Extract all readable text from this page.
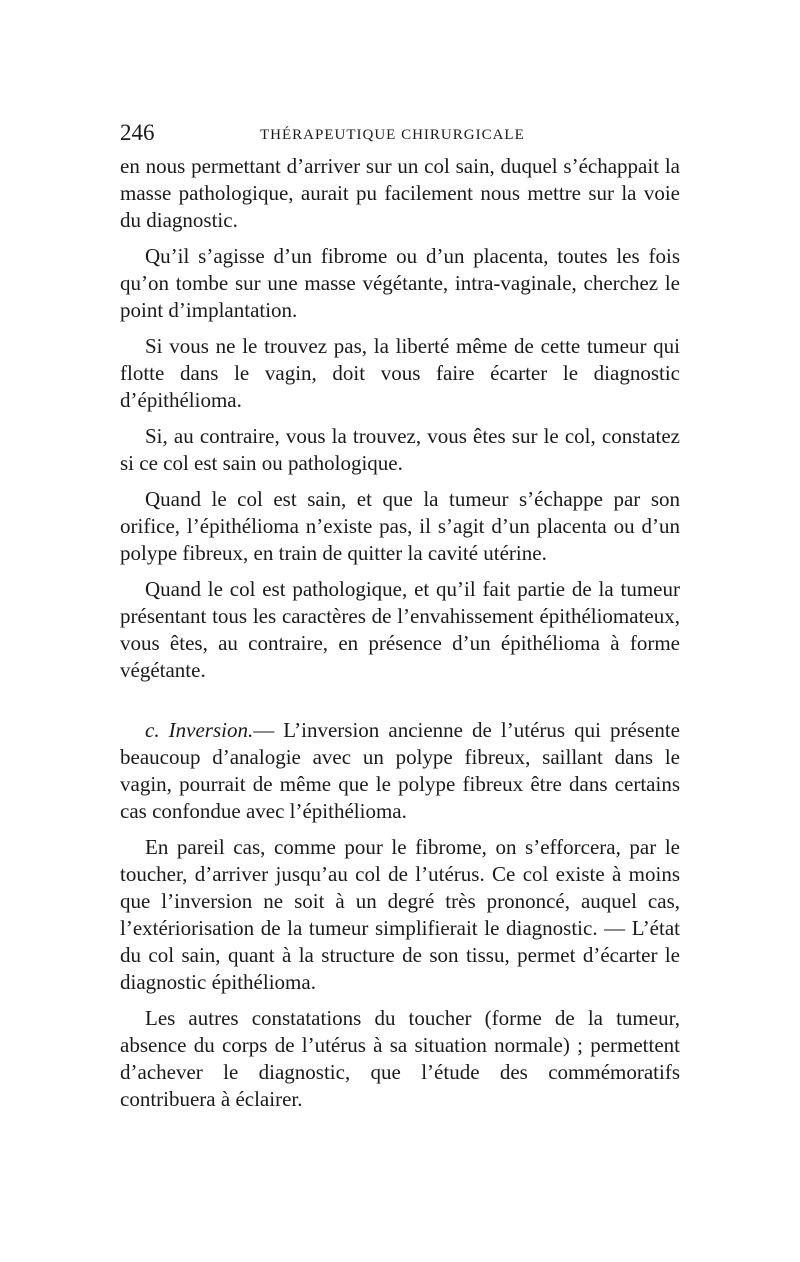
246	THÉRAPEUTIQUE CHIRURGICALE

en nous permettant d’arriver sur un col sain, duquel s’échappait la masse pathologique, aurait pu facilement nous mettre sur la voie du diagnostic.

Qu’il s’agisse d’un fibrome ou d’un placenta, toutes les fois qu’on tombe sur une masse végétante, intra-vaginale, cherchez le point d’implantation.

Si vous ne le trouvez pas, la liberté même de cette tumeur qui flotte dans le vagin, doit vous faire écarter le diagnostic d’épithélioma.

Si, au contraire, vous la trouvez, vous êtes sur le col, constatez si ce col est sain ou pathologique.

Quand le col est sain, et que la tumeur s’échappe par son orifice, l’épithélioma n’existe pas, il s’agit d’un placenta ou d’un polype fibreux, en train de quitter la cavité utérine.

Quand le col est pathologique, et qu’il fait partie de la tumeur présentant tous les caractères de l’envahissement épithéliomateux, vous êtes, au contraire, en présence d’un épithélioma à forme végétante.

c. Inversion.— L’inversion ancienne de l’utérus qui présente beaucoup d’analogie avec un polype fibreux, saillant dans le vagin, pourrait de même que le polype fibreux être dans certains cas confondue avec l’épithélioma.

En pareil cas, comme pour le fibrome, on s’efforcera, par le toucher, d’arriver jusqu’au col de l’utérus. Ce col existe à moins que l’inversion ne soit à un degré très prononcé, auquel cas, l’extériorisation de la tumeur simplifierait le diagnostic. — L’état du col sain, quant à la structure de son tissu, permet d’écarter le diagnostic épithélioma.

Les autres constatations du toucher (forme de la tumeur, absence du corps de l’utérus à sa situation normale) ; permettent d’achever le diagnostic, que l’étude des commémoratifs contribuera à éclairer.
